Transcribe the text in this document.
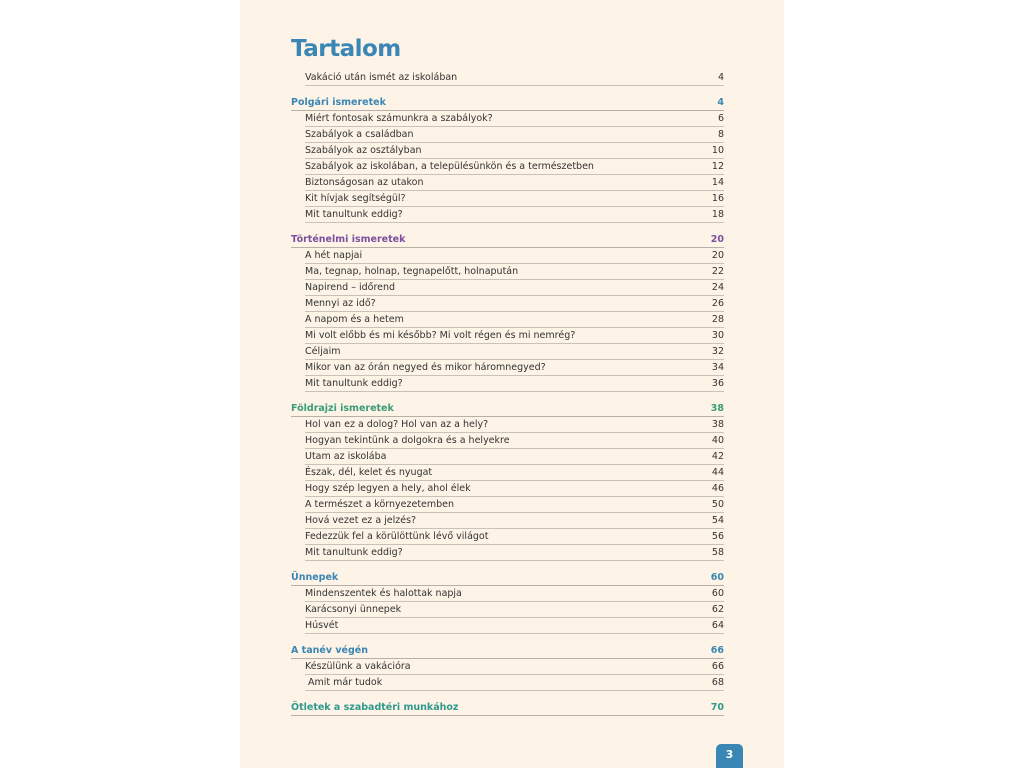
Tartalom
Vakáció után ismét az iskolában	4
Polgári ismeretek	4
Miért fontosak számunkra a szabályok?	6
Szabályok a családban	8
Szabályok az osztályban	10
Szabályok az iskolában, a településünkön és a természetben	12
Biztonságosan az utakon	14
Kit hívjak segítségül?	16
Mit tanultunk eddig?	18
Történelmi ismeretek	20
A hét napjai	20
Ma, tegnap, holnap, tegnapelőtt, holnapután	22
Napirend – időrend	24
Mennyi az idő?	26
A napom és a hetem	28
Mi volt előbb és mi később? Mi volt régen és mi nemrég?	30
Céljaim	32
Mikor van az órán negyed és mikor háromnegyed?	34
Mit tanultunk eddig?	36
Földrajzi ismeretek	38
Hol van ez a dolog? Hol van az a hely?	38
Hogyan tekintünk a dolgokra és a helyekre	40
Utam az iskolába	42
Észak, dél, kelet és nyugat	44
Hogy szép legyen a hely, ahol élek	46
A természet a környezetemben	50
Hová vezet ez a jelzés?	54
Fedezzük fel a körülöttünk lévő világot	56
Mit tanultunk eddig?	58
Ünnepek	60
Mindenszentek és halottak napja	60
Karácsonyi ünnepek	62
Húsvét	64
A tanév végén	66
Készülünk a vakációra	66
Amit már tudok	68
Ötletek a szabadtéri munkához	70
3
